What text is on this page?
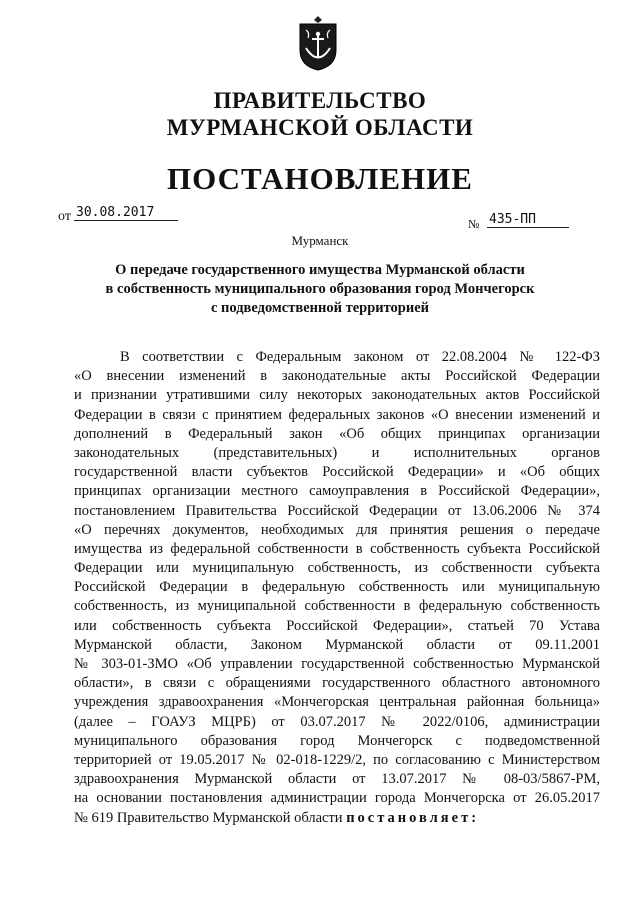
ПРАВИТЕЛЬСТВО
МУРМАНСКОЙ ОБЛАСТИ
ПОСТАНОВЛЕНИЕ
от 30.08.2017
№ 435-ПП
Мурманск
О передаче государственного имущества Мурманской области
в собственность муниципального образования город Мончегорск
с подведомственной территорией
В соответствии с Федеральным законом от 22.08.2004 № 122-ФЗ
«О внесении изменений в законодательные акты Российской Федерации
и признании утратившими силу некоторых законодательных актов Российской
Федерации в связи с принятием федеральных законов «О внесении изменений и
дополнений в Федеральный закон «Об общих принципах организации
законодательных (представительных) и исполнительных органов
государственной власти субъектов Российской Федерации» и «Об общих
принципах организации местного самоуправления в Российской Федерации»,
постановлением Правительства Российской Федерации от 13.06.2006 № 374
«О перечнях документов, необходимых для принятия решения о передаче
имущества из федеральной собственности в собственность субъекта Российской
Федерации или муниципальную собственность, из собственности субъекта
Российской Федерации в федеральную собственность или муниципальную
собственность, из муниципальной собственности в федеральную собственность
или собственность субъекта Российской Федерации», статьей 70 Устава
Мурманской области, Законом Мурманской области от 09.11.2001
№ 303-01-ЗМО «Об управлении государственной собственностью Мурманской
области», в связи с обращениями государственного областного автономного
учреждения здравоохранения «Мончегорская центральная районная больница»
(далее – ГОАУЗ МЦРБ) от 03.07.2017 № 2022/0106, администрации
муниципального образования город Мончегорск с подведомственной
территорией от 19.05.2017 № 02-018-1229/2, по согласованию с Министерством
здравоохранения Мурманской области от 13.07.2017 № 08-03/5867-РМ,
на основании постановления администрации города Мончегорска от 26.05.2017
№ 619 Правительство Мурманской области постановляет:
